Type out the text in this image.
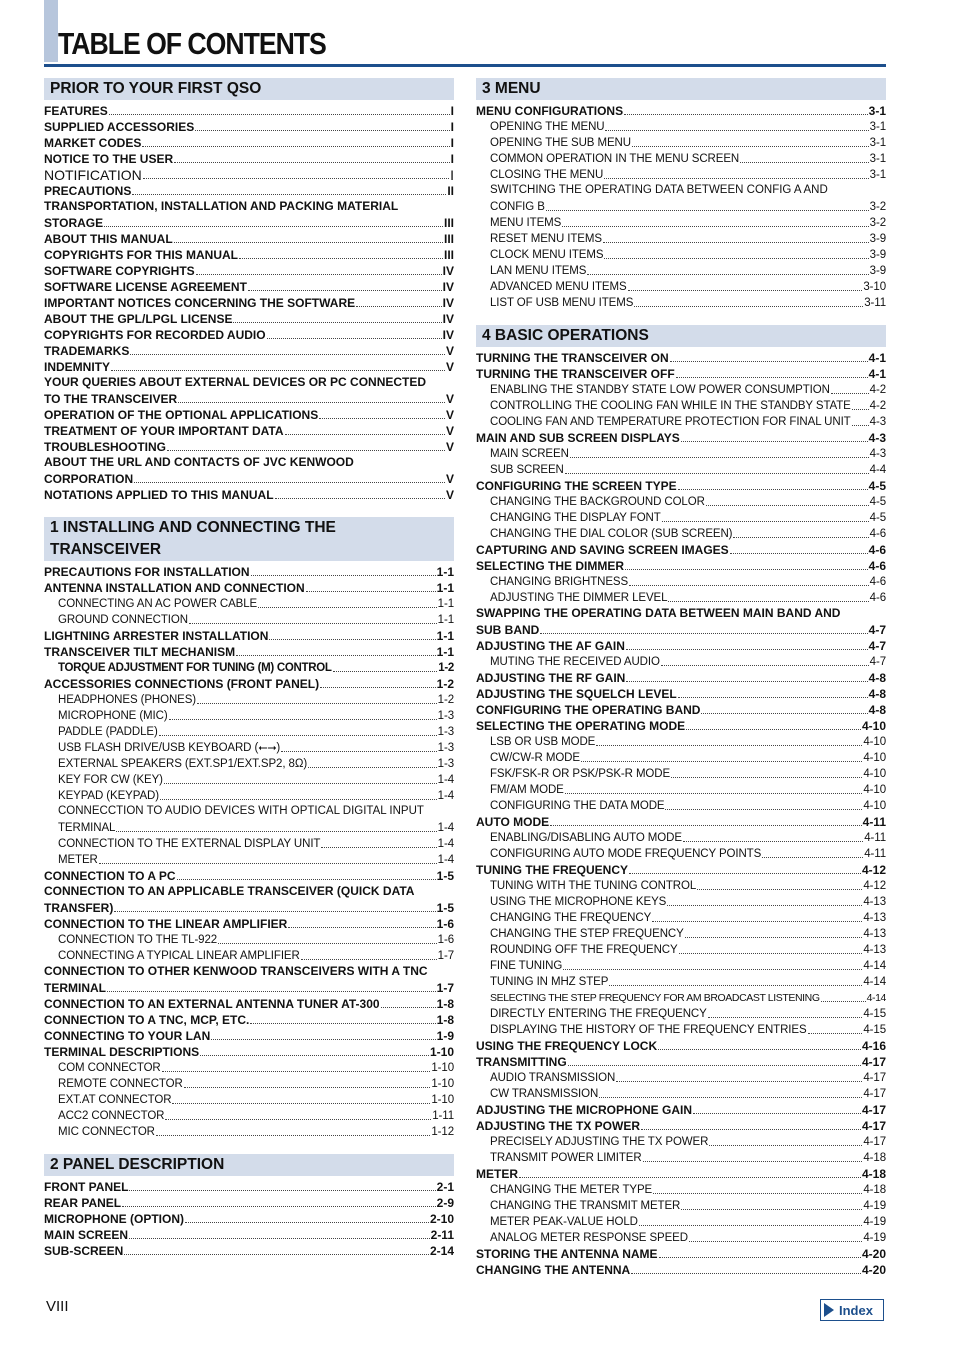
TABLE OF CONTENTS
PRIOR TO YOUR FIRST QSO
FEATURES	I
SUPPLIED ACCESSORIES	I
MARKET CODES	I
NOTICE TO THE USER	I
NOTIFICATION	I
PRECAUTIONS	II
TRANSPORTATION, INSTALLATION AND PACKING MATERIAL
STORAGE	III
ABOUT THIS MANUAL	III
COPYRIGHTS FOR THIS MANUAL	III
SOFTWARE COPYRIGHTS	IV
SOFTWARE LICENSE AGREEMENT	IV
IMPORTANT NOTICES CONCERNING THE SOFTWARE	IV
ABOUT THE GPL/LPGL LICENSE	IV
COPYRIGHTS FOR RECORDED AUDIO	IV
TRADEMARKS	V
INDEMNITY	V
YOUR QUERIES ABOUT EXTERNAL DEVICES OR PC CONNECTED
TO THE TRANSCEIVER	V
OPERATION OF THE OPTIONAL APPLICATIONS	V
TREATMENT OF YOUR IMPORTANT DATA	V
TROUBLESHOOTING	V
ABOUT THE URL AND CONTACTS OF JVC KENWOOD
CORPORATION	V
NOTATIONS APPLIED TO THIS MANUAL	V
1 INSTALLING AND CONNECTING THE TRANSCEIVER
PRECAUTIONS FOR INSTALLATION	1-1
ANTENNA INSTALLATION AND CONNECTION	1-1
CONNECTING AN AC POWER CABLE	1-1
GROUND CONNECTION	1-1
LIGHTNING ARRESTER INSTALLATION	1-1
TRANSCEIVER TILT MECHANISM	1-1
TORQUE ADJUSTMENT FOR TUNING (M) CONTROL	1-2
ACCESSORIES CONNECTIONS (FRONT PANEL)	1-2
HEADPHONES (PHONES)	1-2
MICROPHONE (MIC)	1-3
PADDLE (PADDLE)	1-3
USB FLASH DRIVE/USB KEYBOARD (⭠⭢)	1-3
EXTERNAL SPEAKERS (EXT.SP1/EXT.SP2, 8Ω)	1-3
KEY FOR CW (KEY)	1-4
KEYPAD (KEYPAD)	1-4
CONNECCTION TO AUDIO DEVICES WITH OPTICAL DIGITAL INPUT
TERMINAL	1-4
CONNECTION TO THE EXTERNAL DISPLAY UNIT	1-4
METER	1-4
CONNECTION TO A PC	1-5
CONNECTION TO AN APPLICABLE TRANSCEIVER (QUICK DATA
TRANSFER)	1-5
CONNECTION TO THE LINEAR AMPLIFIER	1-6
CONNECTION TO THE TL-922	1-6
CONNECTING A TYPICAL LINEAR AMPLIFIER	1-7
CONNECTION TO OTHER KENWOOD TRANSCEIVERS WITH A TNC
TERMINAL	1-7
CONNECTION TO AN EXTERNAL ANTENNA TUNER AT-300	1-8
CONNECTION TO A TNC, MCP, ETC.	1-8
CONNECTING TO YOUR LAN	1-9
TERMINAL DESCRIPTIONS	1-10
COM CONNECTOR	1-10
REMOTE CONNECTOR	1-10
EXT.AT CONNECTOR	1-10
ACC2 CONNECTOR	1-11
MIC CONNECTOR	1-12
2 PANEL DESCRIPTION
FRONT PANEL	2-1
REAR PANEL	2-9
MICROPHONE (OPTION)	2-10
MAIN SCREEN	2-11
SUB-SCREEN	2-14
3 MENU
MENU CONFIGURATIONS	3-1
OPENING THE MENU	3-1
OPENING THE SUB MENU	3-1
COMMON OPERATION IN THE MENU SCREEN	3-1
CLOSING THE MENU	3-1
SWITCHING THE OPERATING DATA BETWEEN CONFIG A AND
CONFIG B	3-2
MENU ITEMS	3-2
RESET MENU ITEMS	3-9
CLOCK MENU ITEMS	3-9
LAN MENU ITEMS	3-9
ADVANCED MENU ITEMS	3-10
LIST OF USB MENU ITEMS	3-11
4 BASIC OPERATIONS
TURNING THE TRANSCEIVER ON	4-1
TURNING THE TRANSCEIVER OFF	4-1
ENABLING THE STANDBY STATE LOW POWER CONSUMPTION	4-2
CONTROLLING THE COOLING FAN WHILE IN THE STANDBY STATE 4-2
COOLING FAN AND TEMPERATURE PROTECTION FOR FINAL UNIT 4-3
MAIN AND SUB SCREEN DISPLAYS	4-3
MAIN SCREEN	4-3
SUB SCREEN	4-4
CONFIGURING THE SCREEN TYPE	4-5
CHANGING THE BACKGROUND COLOR	4-5
CHANGING THE DISPLAY FONT	4-5
CHANGING THE DIAL COLOR (SUB SCREEN)	4-6
CAPTURING AND SAVING SCREEN IMAGES	4-6
SELECTING THE DIMMER	4-6
CHANGING BRIGHTNESS	4-6
ADJUSTING THE DIMMER LEVEL	4-6
SWAPPING THE OPERATING DATA BETWEEN MAIN BAND AND
SUB BAND	4-7
ADJUSTING THE AF GAIN	4-7
MUTING THE RECEIVED AUDIO	4-7
ADJUSTING THE RF GAIN	4-8
ADJUSTING THE SQUELCH LEVEL	4-8
CONFIGURING THE OPERATING BAND	4-8
SELECTING THE OPERATING MODE	4-10
LSB OR USB MODE	4-10
CW/CW-R MODE	4-10
FSK/FSK-R OR PSK/PSK-R MODE	4-10
FM/AM MODE	4-10
CONFIGURING THE DATA MODE	4-10
AUTO MODE	4-11
ENABLING/DISABLING AUTO MODE	4-11
CONFIGURING AUTO MODE FREQUENCY POINTS	4-11
TUNING THE FREQUENCY	4-12
TUNING WITH THE TUNING CONTROL	4-12
USING THE MICROPHONE KEYS	4-13
CHANGING THE FREQUENCY	4-13
CHANGING THE STEP FREQUENCY	4-13
ROUNDING OFF THE FREQUENCY	4-13
FINE TUNING	4-14
TUNING IN MHZ STEP	4-14
SELECTING THE STEP FREQUENCY FOR AM BROADCAST LISTENING	4-14
DIRECTLY ENTERING THE FREQUENCY	4-15
DISPLAYING THE HISTORY OF THE FREQUENCY ENTRIES	4-15
USING THE FREQUENCY LOCK	4-16
TRANSMITTING	4-17
AUDIO TRANSMISSION	4-17
CW TRANSMISSION	4-17
ADJUSTING THE MICROPHONE GAIN	4-17
ADJUSTING THE TX POWER	4-17
PRECISELY ADJUSTING THE TX POWER	4-17
TRANSMIT POWER LIMITER	4-18
METER	4-18
CHANGING THE METER TYPE	4-18
CHANGING THE TRANSMIT METER	4-19
METER PEAK-VALUE HOLD	4-19
ANALOG METER RESPONSE SPEED	4-19
STORING THE ANTENNA NAME	4-20
CHANGING THE ANTENNA	4-20
VIII	Index
